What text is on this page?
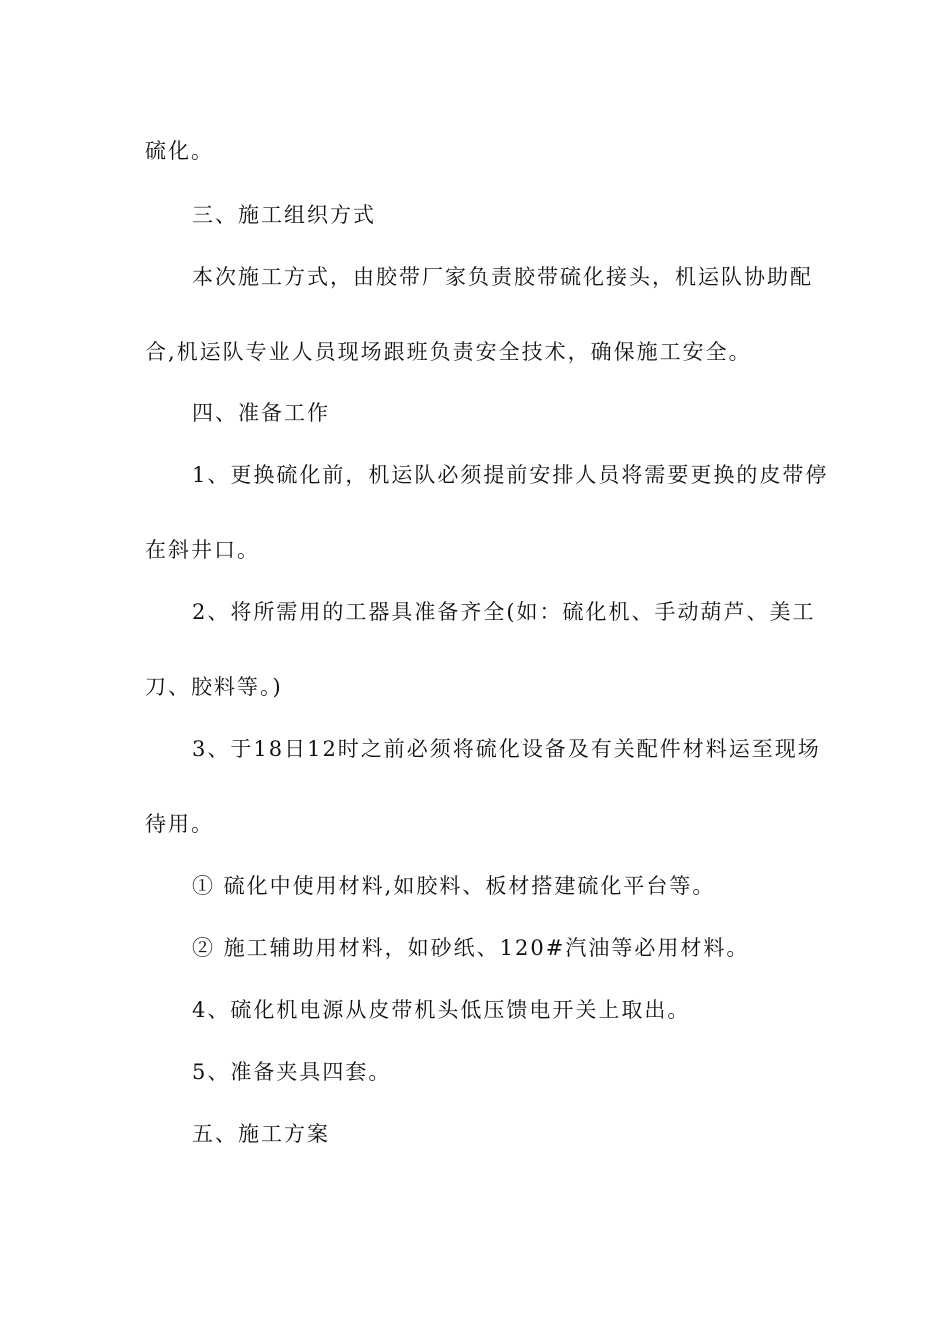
硫化。
三、施工组织方式
本次施工方式，由胶带厂家负责胶带硫化接头，机运队协助配
合,机运队专业人员现场跟班负责安全技术，确保施工安全。
四、准备工作
1、更换硫化前，机运队必须提前安排人员将需要更换的皮带停
在斜井口。
2、将所需用的工器具准备齐全(如：硫化机、手动葫芦、美工
刀、胶料等。)
3、于18日12时之前必须将硫化设备及有关配件材料运至现场
待用。
① 硫化中使用材料,如胶料、板材搭建硫化平台等。
② 施工辅助用材料，如砂纸、120#汽油等必用材料。
4、硫化机电源从皮带机头低压馈电开关上取出。
5、准备夹具四套。
五、施工方案
